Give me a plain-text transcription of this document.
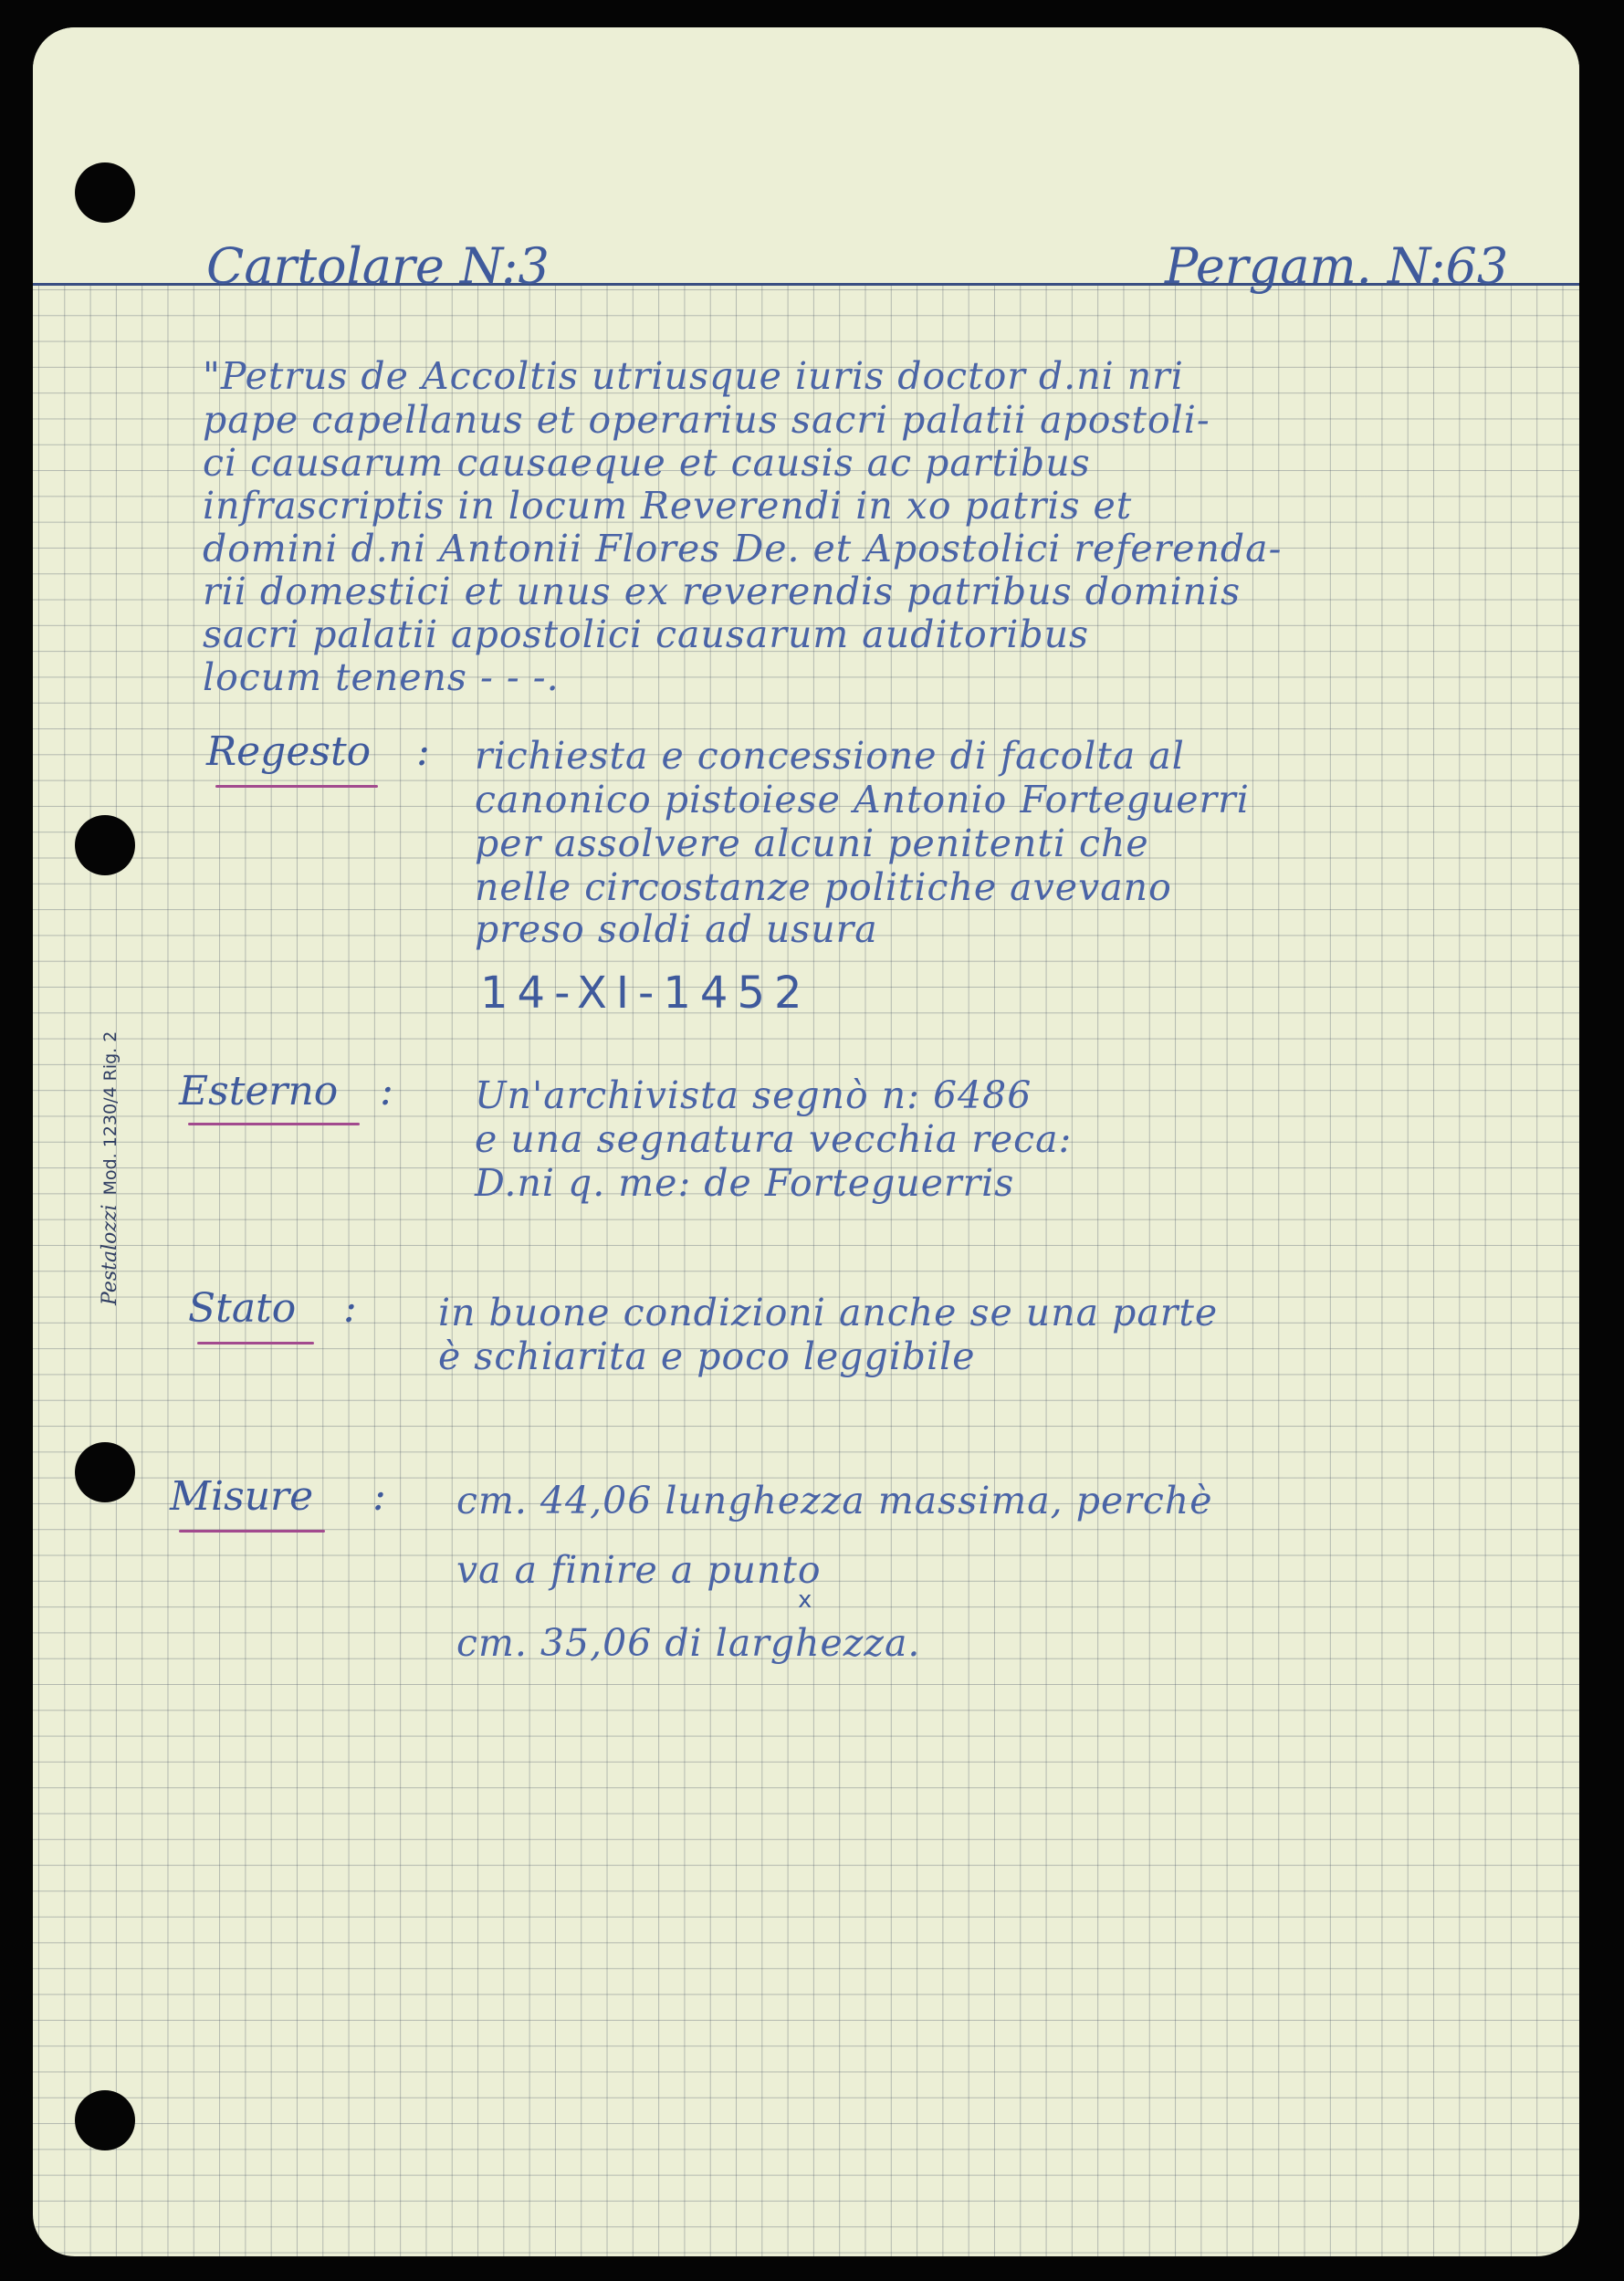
Cartolare N:3	Pergam. N:63
"Petrus de Accoltis utriusque iuris doctor d.ni nri
pape capellanus et operarius sacri palatii apostoli-
ci causarum causaeque et causis ac partibus
infrascriptis in locum Reverendi in xo patris et
domini d.ni Antonii Flores De. et Apostolici referenda-
rii domestici et unus ex reverendis patribus dominis
sacri palatii apostolici causarum auditoribus
locum tenens - - -.
Regesto : richiesta e concessione di facolta al
canonico pistoiese Antonio Forteguerri
per assolvere alcuni penitenti che
nelle circostanze politiche avevano
preso soldi ad usura
14-XI-1452
Esterno : Un'archivista segnò n: 6486
e una segnatura vecchia reca:
D.ni q. me: de Forteguerris
Stato : in buone condizioni anche se una parte
è schiarita e poco leggibile
Misure : cm. 44,06 lunghezza massima, perchè
va a finire a punto
x
cm. 35,06 di larghezza.
PestalozziMod. 1230/4 Rig. 2
